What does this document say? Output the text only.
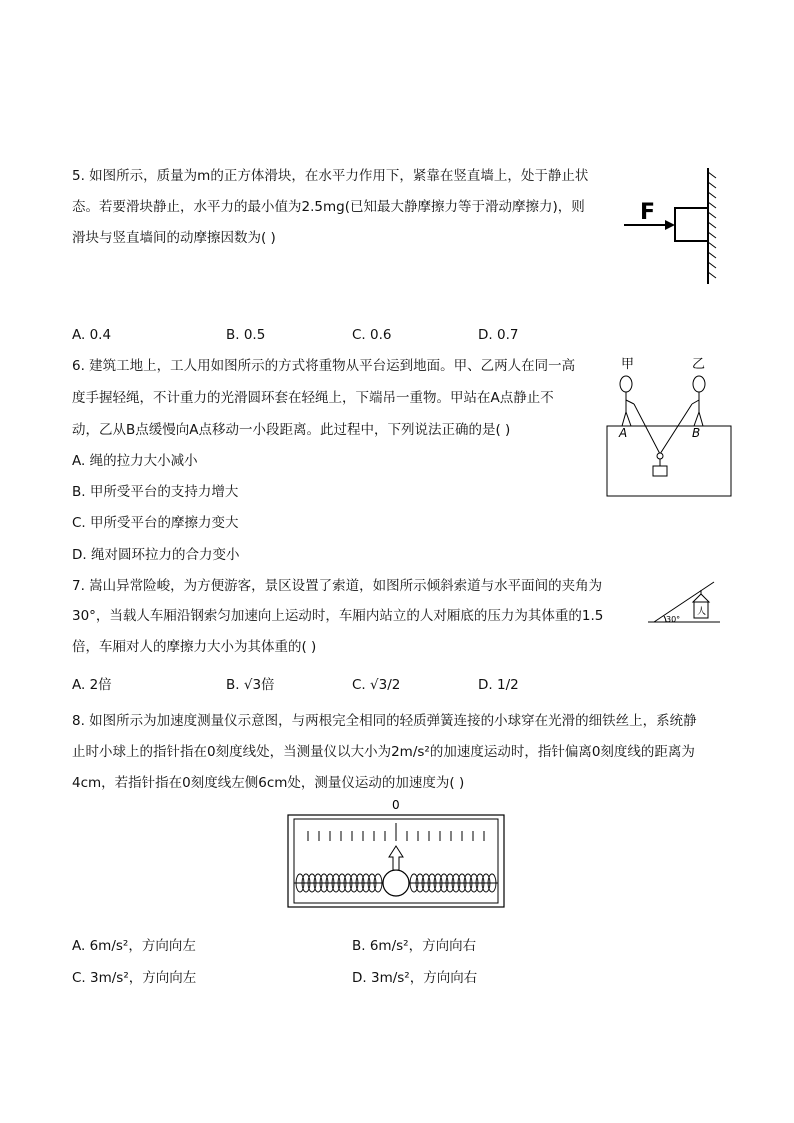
5. 如图所示，质量为m的正方体滑块，在水平力作用下，紧靠在竖直墙上，处于静止状
态。若要滑块静止，水平力的最小值为2.5mg(已知最大静摩擦力等于滑动摩擦力)，则
滑块与竖直墙间的动摩擦因数为( )
F
A. 0.4	B. 0.5	C. 0.6	D. 0.7
6. 建筑工地上，工人用如图所示的方式将重物从平台运到地面。甲、乙两人在同一高
度手握轻绳，不计重力的光滑圆环套在轻绳上，下端吊一重物。甲站在A点静止不
动，乙从B点缓慢向A点移动一小段距离。此过程中，下列说法正确的是( )
A. 绳的拉力大小减小
B. 甲所受平台的支持力增大
C. 甲所受平台的摩擦力变大
D. 绳对圆环拉力的合力变小
甲	乙
A	B
7. 嵩山异常险峻，为方便游客，景区设置了索道，如图所示倾斜索道与水平面间的夹角为
30°，当载人车厢沿钢索匀加速向上运动时，车厢内站立的人对厢底的压力为其体重的1.5
倍，车厢对人的摩擦力大小为其体重的( )
30°
人
A. 2倍	B. √3倍	C. √3/2	D. 1/2
8. 如图所示为加速度测量仪示意图，与两根完全相同的轻质弹簧连接的小球穿在光滑的细铁丝上，系统静
止时小球上的指针指在0刻度线处，当测量仪以大小为2m/s²的加速度运动时，指针偏离0刻度线的距离为
4cm，若指针指在0刻度线左侧6cm处，测量仪运动的加速度为( )
0
A. 6m/s²，方向向左	B. 6m/s²，方向向右
C. 3m/s²，方向向左	D. 3m/s²，方向向右
